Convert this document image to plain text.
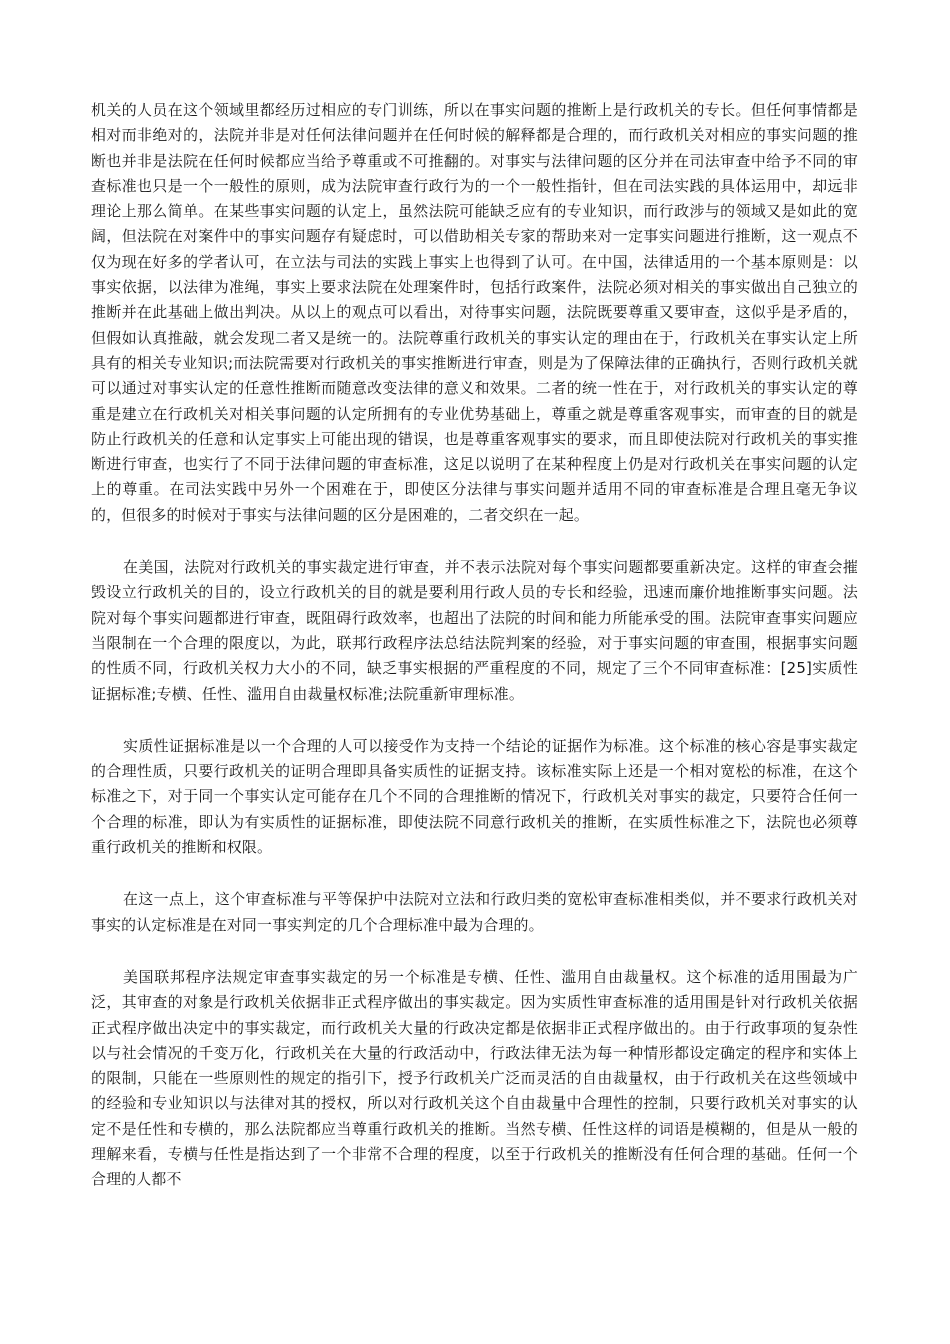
机关的人员在这个领域里都经历过相应的专门训练，所以在事实问题的推断上是行政机关的专长。但任何事情都是相对而非绝对的，法院并非是对任何法律问题并在任何时候的解释都是合理的，而行政机关对相应的事实问题的推断也并非是法院在任何时候都应当给予尊重或不可推翻的。对事实与法律问题的区分并在司法审查中给予不同的审查标准也只是一个一般性的原则，成为法院审查行政行为的一个一般性指针，但在司法实践的具体运用中，却远非理论上那么简单。在某些事实问题的认定上，虽然法院可能缺乏应有的专业知识，而行政涉与的领域又是如此的宽阔，但法院在对案件中的事实问题存有疑虑时，可以借助相关专家的帮助来对一定事实问题进行推断，这一观点不仅为现在好多的学者认可，在立法与司法的实践上事实上也得到了认可。在中国，法律适用的一个基本原则是：以事实依据，以法律为准绳，事实上要求法院在处理案件时，包括行政案件，法院必须对相关的事实做出自己独立的推断并在此基础上做出判决。从以上的观点可以看出，对待事实问题，法院既要尊重又要审查，这似乎是矛盾的，但假如认真推敲，就会发现二者又是统一的。法院尊重行政机关的事实认定的理由在于，行政机关在事实认定上所具有的相关专业知识;而法院需要对行政机关的事实推断进行审查，则是为了保障法律的正确执行，否则行政机关就可以通过对事实认定的任意性推断而随意改变法律的意义和效果。二者的统一性在于，对行政机关的事实认定的尊重是建立在行政机关对相关事问题的认定所拥有的专业优势基础上，尊重之就是尊重客观事实，而审查的目的就是防止行政机关的任意和认定事实上可能出现的错误，也是尊重客观事实的要求，而且即使法院对行政机关的事实推断进行审查，也实行了不同于法律问题的审查标准，这足以说明了在某种程度上仍是对行政机关在事实问题的认定上的尊重。在司法实践中另外一个困难在于，即使区分法律与事实问题并适用不同的审查标准是合理且毫无争议的，但很多的时候对于事实与法律问题的区分是困难的，二者交织在一起。

在美国，法院对行政机关的事实裁定进行审查，并不表示法院对每个事实问题都要重新决定。这样的审查会摧毁设立行政机关的目的，设立行政机关的目的就是要利用行政人员的专长和经验，迅速而廉价地推断事实问题。法院对每个事实问题都进行审查，既阻碍行政效率，也超出了法院的时间和能力所能承受的围。法院审查事实问题应当限制在一个合理的限度以，为此，联邦行政程序法总结法院判案的经验，对于事实问题的审查围，根据事实问题的性质不同，行政机关权力大小的不同，缺乏事实根据的严重程度的不同，规定了三个不同审查标准：[25]实质性证据标准;专横、任性、滥用自由裁量权标准;法院重新审理标准。

实质性证据标准是以一个合理的人可以接受作为支持一个结论的证据作为标准。这个标准的核心容是事实裁定的合理性质，只要行政机关的证明合理即具备实质性的证据支持。该标准实际上还是一个相对宽松的标准，在这个标准之下，对于同一个事实认定可能存在几个不同的合理推断的情况下，行政机关对事实的裁定，只要符合任何一个合理的标准，即认为有实质性的证据标准，即使法院不同意行政机关的推断，在实质性标准之下，法院也必须尊重行政机关的推断和权限。

在这一点上，这个审查标准与平等保护中法院对立法和行政归类的宽松审查标准相类似，并不要求行政机关对事实的认定标准是在对同一事实判定的几个合理标准中最为合理的。

美国联邦程序法规定审查事实裁定的另一个标准是专横、任性、滥用自由裁量权。这个标准的适用围最为广泛，其审查的对象是行政机关依据非正式程序做出的事实裁定。因为实质性审查标准的适用围是针对行政机关依据正式程序做出决定中的事实裁定，而行政机关大量的行政决定都是依据非正式程序做出的。由于行政事项的复杂性以与社会情况的千变万化，行政机关在大量的行政活动中，行政法律无法为每一种情形都设定确定的程序和实体上的限制，只能在一些原则性的规定的指引下，授予行政机关广泛而灵活的自由裁量权，由于行政机关在这些领域中的经验和专业知识以与法律对其的授权，所以对行政机关这个自由裁量中合理性的控制，只要行政机关对事实的认定不是任性和专横的，那么法院都应当尊重行政机关的推断。当然专横、任性这样的词语是模糊的，但是从一般的理解来看，专横与任性是指达到了一个非常不合理的程度，以至于行政机关的推断没有任何合理的基础。任何一个合理的人都不
